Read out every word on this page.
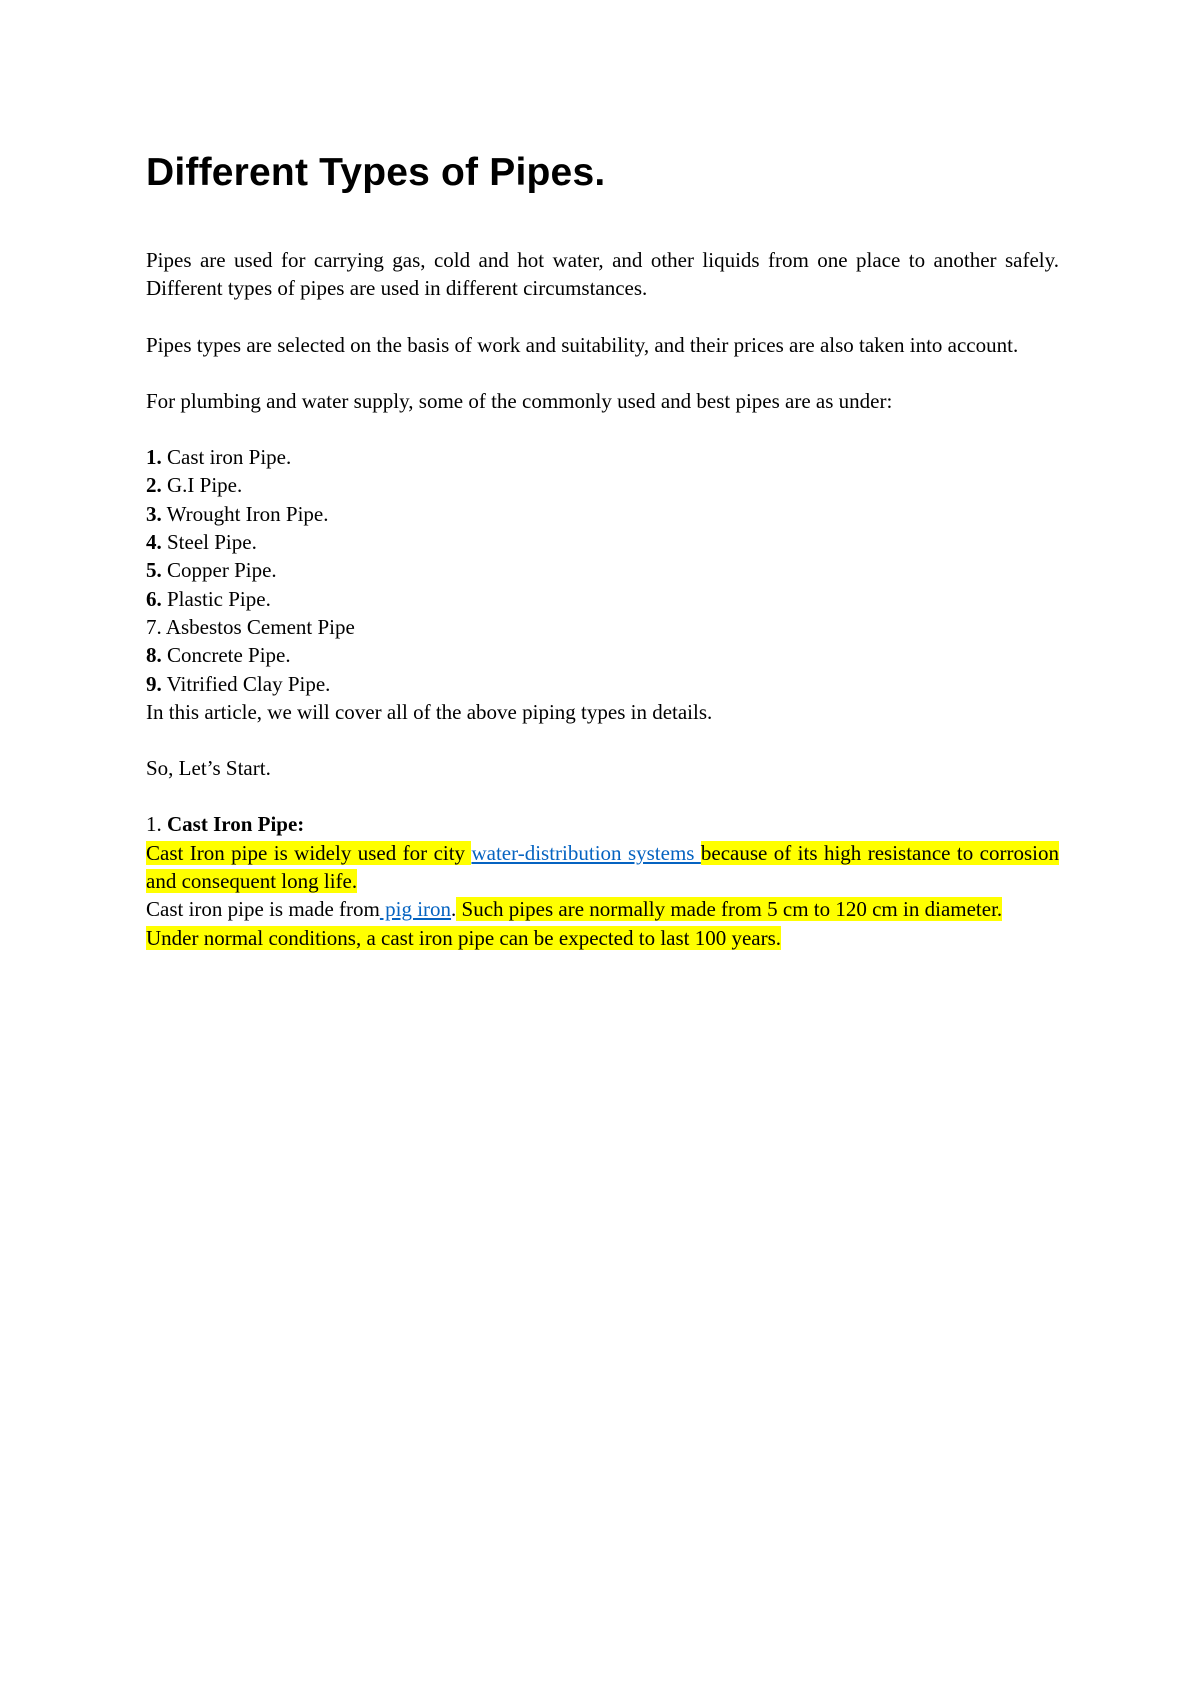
Different Types of Pipes.

Pipes are used for carrying gas, cold and hot water, and other liquids from one place to another safely. Different types of pipes are used in different circumstances.

Pipes types are selected on the basis of work and suitability, and their prices are also taken into account.

For plumbing and water supply, some of the commonly used and best pipes are as under:

1. Cast iron Pipe.
2. G.I Pipe.
3. Wrought Iron Pipe.
4. Steel Pipe.
5. Copper Pipe.
6. Plastic Pipe.
7. Asbestos Cement Pipe
8. Concrete Pipe.
9. Vitrified Clay Pipe.

In this article, we will cover all of the above piping types in details.

So, Let’s Start.

1. Cast Iron Pipe:

Cast Iron pipe is widely used for city water-distribution systems because of its high resistance to corrosion and consequent long life.

Cast iron pipe is made from pig iron. Such pipes are normally made from 5 cm to 120 cm in diameter.

Under normal conditions, a cast iron pipe can be expected to last 100 years.
